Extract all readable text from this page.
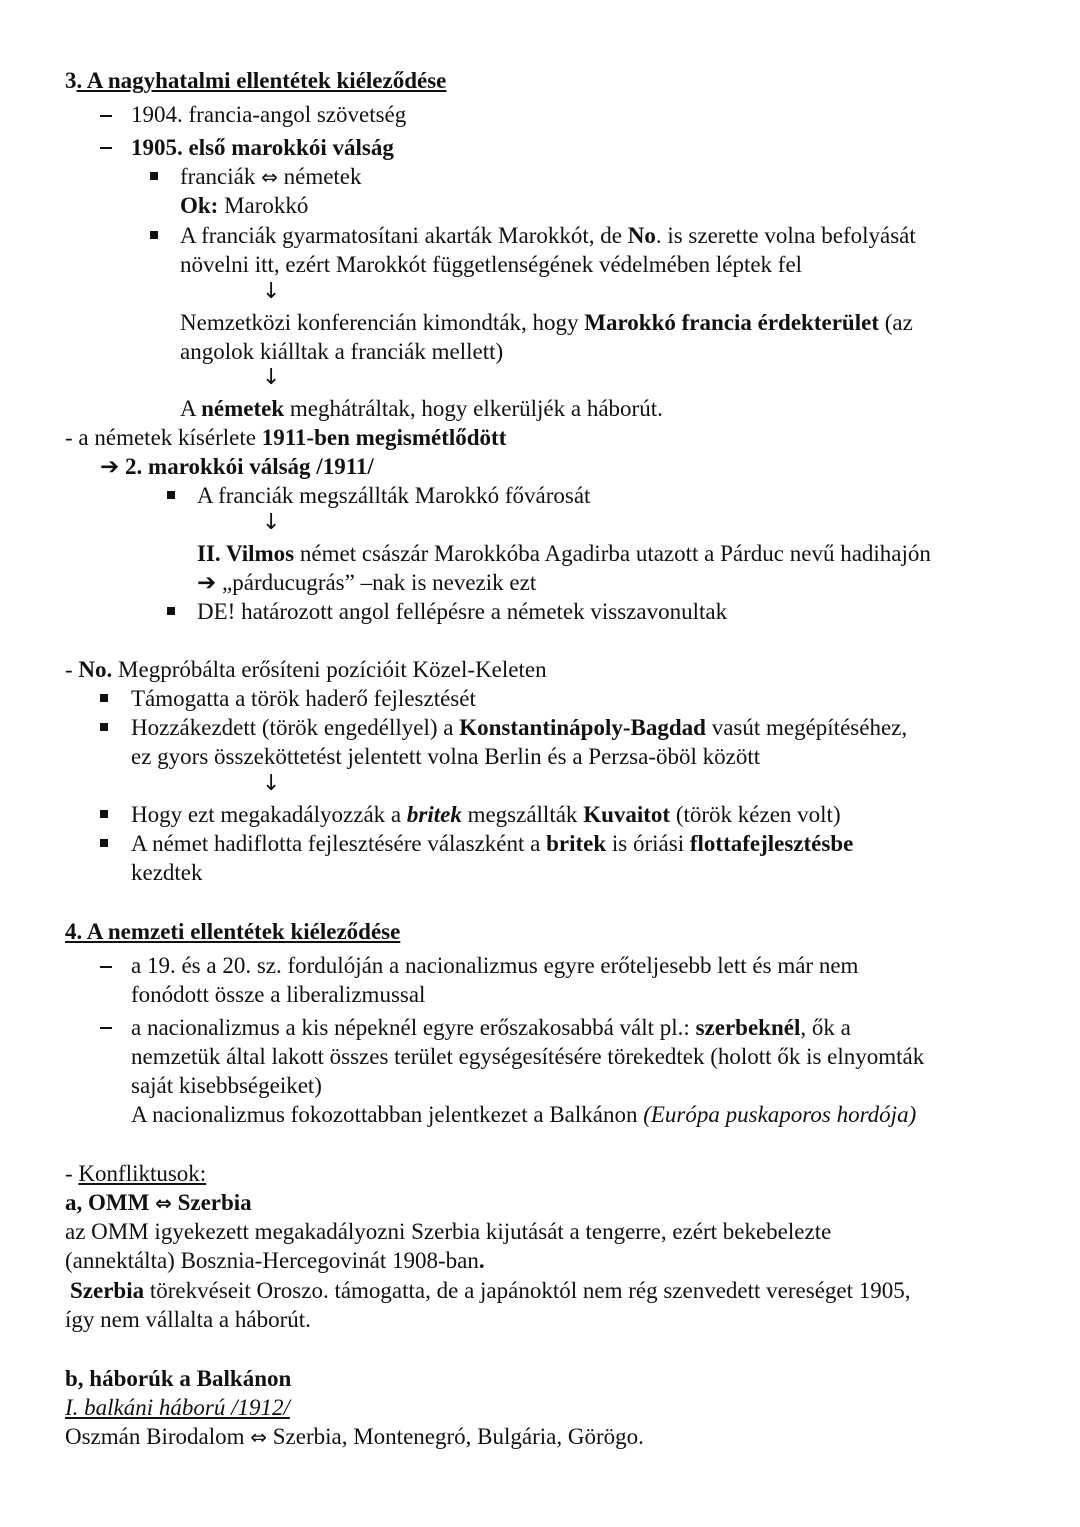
3. A nagyhatalmi ellentétek kiéleződése
1904. francia-angol szövetség
1905. első marokkói válság
franciák ⇔ németek
Ok: Marokkó
A franciák gyarmatosítani akarták Marokkót, de No. is szerette volna befolyását
növelni itt, ezért Marokkót függetlenségének védelmében léptek fel
↓
Nemzetközi konferencián kimondták, hogy Marokkó francia érdekterület (az
angolok kiálltak a franciák mellett)
↓
A németek meghátráltak, hogy elkerüljék a háborút.
- a németek kísérlete 1911-ben megismétlődött
➔ 2. marokkói válság /1911/
A franciák megszállták Marokkó fővárosát
↓
II. Vilmos német császár Marokkóba Agadirba utazott a Párduc nevű hadihajón
➔ „párducugrás” –nak is nevezik ezt
DE! határozott angol fellépésre a németek visszavonultak
- No. Megpróbálta erősíteni pozícióit Közel-Keleten
Támogatta a török haderő fejlesztését
Hozzákezdett (török engedéllyel) a Konstantinápoly-Bagdad vasút megépítéséhez,
ez gyors összeköttetést jelentett volna Berlin és a Perzsa-öböl között
↓
Hogy ezt megakadályozzák a britek megszállták Kuvaitot (török kézen volt)
A német hadiflotta fejlesztésére válaszként a britek is óriási flottafejlesztésbe
kezdtek
4. A nemzeti ellentétek kiéleződése
a 19. és a 20. sz. fordulóján a nacionalizmus egyre erőteljesebb lett és már nem
fonódott össze a liberalizmussal
a nacionalizmus a kis népeknél egyre erőszakosabbá vált pl.: szerbeknél, ők a
nemzetük által lakott összes terület egységesítésére törekedtek (holott ők is elnyomták
saját kisebbségeiket)
A nacionalizmus fokozottabban jelentkezet a Balkánon (Európa puskaporos hordója)
- Konfliktusok:
a, OMM ⇔ Szerbia
az OMM igyekezett megakadályozni Szerbia kijutását a tengerre, ezért bekebelezte
(annektálta) Bosznia-Hercegovinát 1908-ban.
Szerbia törekvéseit Oroszo. támogatta, de a japánoktól nem rég szenvedett vereséget 1905,
így nem vállalta a háborút.
b, háborúk a Balkánon
I. balkáni háború /1912/
Oszmán Birodalom ⇔ Szerbia, Montenegró, Bulgária, Görögo.
